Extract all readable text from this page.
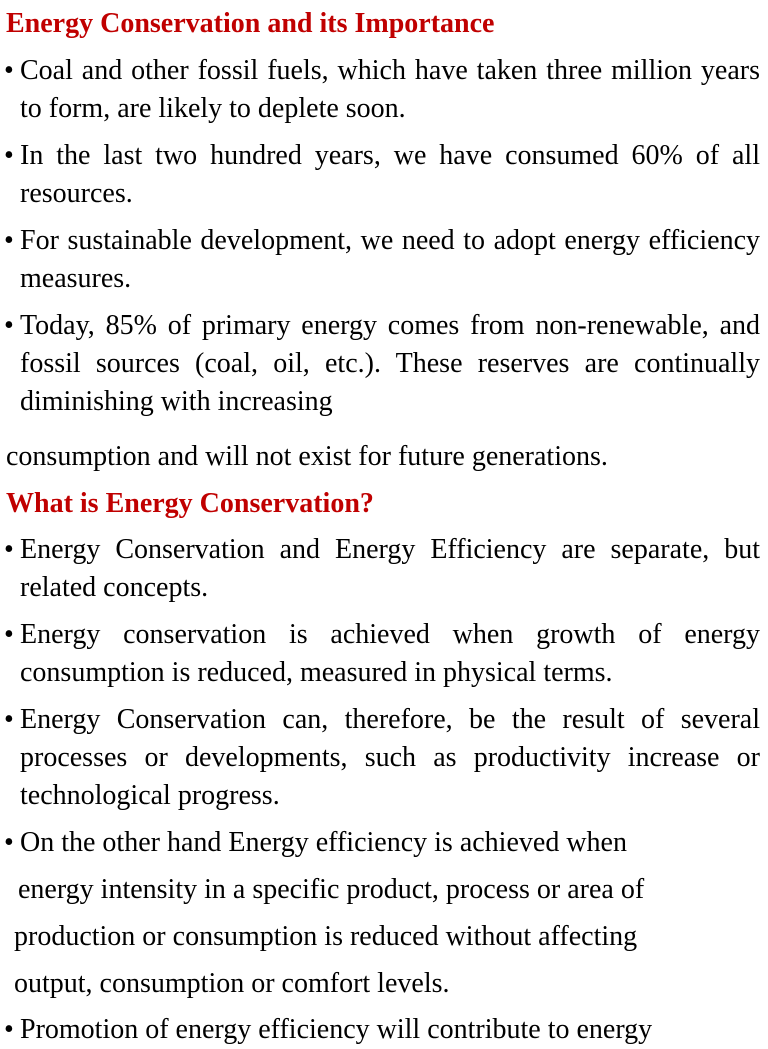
Energy Conservation and its Importance
• Coal and other fossil fuels, which have taken three million years to form, are likely to deplete soon.
• In the last two hundred years, we have consumed 60% of all resources.
• For sustainable development, we need to adopt energy efficiency measures.
• Today, 85% of primary energy comes from non-renewable, and fossil sources (coal, oil, etc.). These reserves are continually diminishing with increasing
consumption and will not exist for future generations.
What is Energy Conservation?
• Energy Conservation and Energy Efficiency are separate, but related concepts.
• Energy conservation is achieved when growth of energy consumption is reduced, measured in physical terms.
• Energy Conservation can, therefore, be the result of several processes or developments, such as productivity increase or technological progress.
• On the other hand Energy efficiency is achieved when
energy intensity in a specific product, process or area of
production or consumption is reduced without affecting
output, consumption or comfort levels.
• Promotion of energy efficiency will contribute to energy
